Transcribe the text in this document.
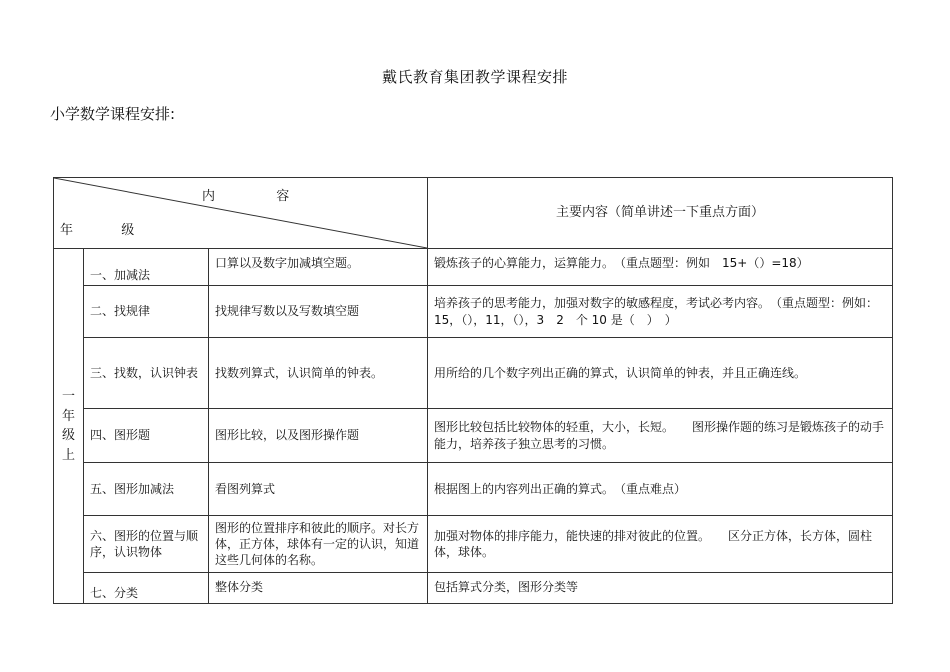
戴氏教育集团教学课程安排
小学数学课程安排:
内 容
年 级			主要内容（简单讲述一下重点方面）

一
年
级
上	一、加减法	口算以及数字加减填空题。	锻炼孩子的心算能力，运算能力。　（重点题型：例如　15+（）=18）
	二、找规律	找规律写数以及写数填空题	培养孩子的思考能力，加强对数字的敏感程度，考试必考内容。　（重点题型：例如：15，（），11，（），3　2　个 10 是（　）　）
	三、找数，认识钟表	找数列算式，认识简单的钟表。	用所给的几个数字列出正确的算式，认识简单的钟表，并且正确连线。
	四、图形题	图形比较，以及图形操作题	图形比较包括比较物体的轻重，大小，长短。　　图形操作题的练习是锻炼孩子的动手能力，培养孩子独立思考的习惯。
	五、图形加减法	看图列算式	根据图上的内容列出正确的算式。　（重点难点）
	六、图形的位置与顺序，认识物体	图形的位置排序和彼此的顺序。对长方体，正方体，球体有一定的认识，知道这些几何体的名称。	加强对物体的排序能力，能快速的排对彼此的位置。　　区分正方体，长方体，圆柱体，球体。
	七、分类	整体分类	包括算式分类，图形分类等
